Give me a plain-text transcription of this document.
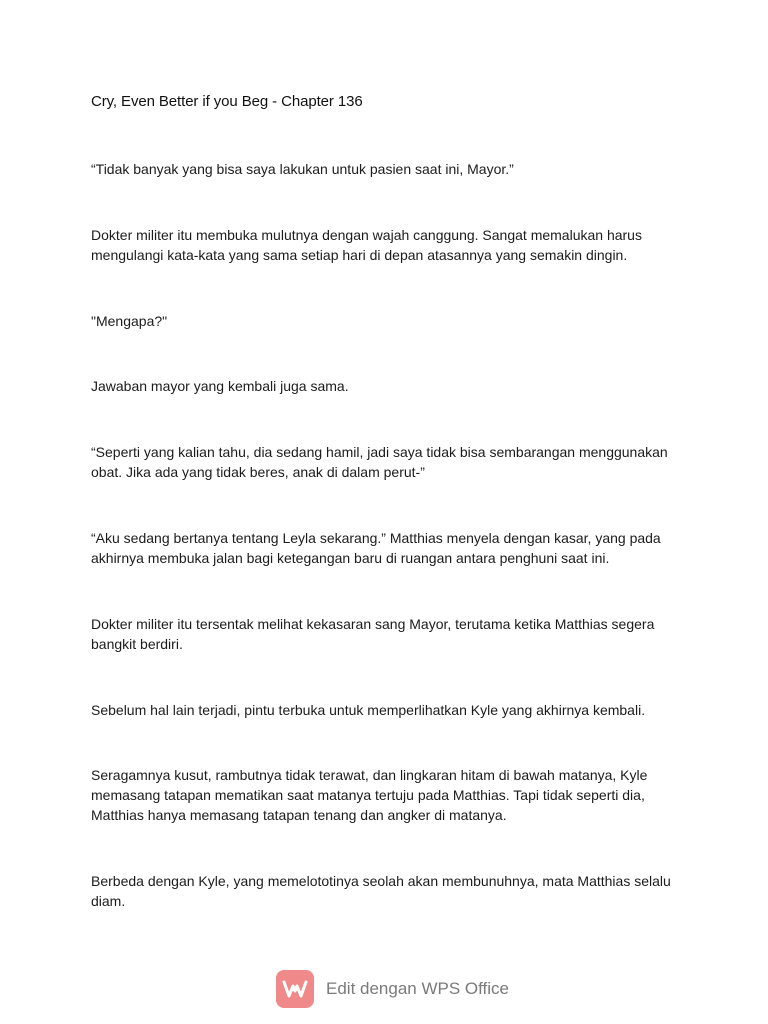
Cry, Even Better if you Beg - Chapter 136

“Tidak banyak yang bisa saya lakukan untuk pasien saat ini, Mayor.”

Dokter militer itu membuka mulutnya dengan wajah canggung. Sangat memalukan harus mengulangi kata-kata yang sama setiap hari di depan atasannya yang semakin dingin.

"Mengapa?"

Jawaban mayor yang kembali juga sama.

“Seperti yang kalian tahu, dia sedang hamil, jadi saya tidak bisa sembarangan menggunakan obat. Jika ada yang tidak beres, anak di dalam perut-”

“Aku sedang bertanya tentang Leyla sekarang.” Matthias menyela dengan kasar, yang pada akhirnya membuka jalan bagi ketegangan baru di ruangan antara penghuni saat ini.

Dokter militer itu tersentak melihat kekasaran sang Mayor, terutama ketika Matthias segera bangkit berdiri.

Sebelum hal lain terjadi, pintu terbuka untuk memperlihatkan Kyle yang akhirnya kembali.

Seragamnya kusut, rambutnya tidak terawat, dan lingkaran hitam di bawah matanya, Kyle memasang tatapan mematikan saat matanya tertuju pada Matthias. Tapi tidak seperti dia, Matthias hanya memasang tatapan tenang dan angker di matanya.

Berbeda dengan Kyle, yang memelototinya seolah akan membunuhnya, mata Matthias selalu diam.

Edit dengan WPS Office
